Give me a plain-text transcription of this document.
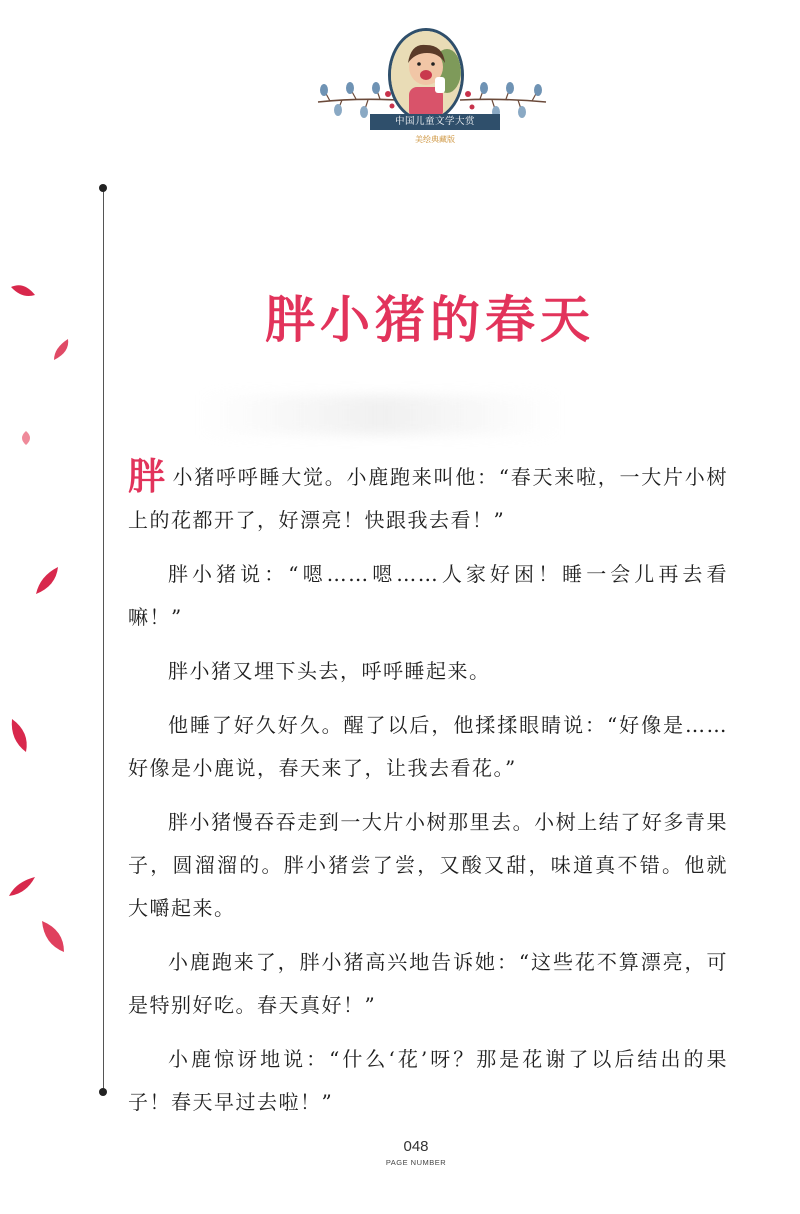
中国儿童文学大赏
美绘典藏版
胖小猪的春天

胖小猪呼呼睡大觉。小鹿跑来叫他：“春天来啦，一大片小树上的花都开了，好漂亮！快跟我去看！”

胖小猪说：“嗯……嗯……人家好困！睡一会儿再去看嘛！”

胖小猪又埋下头去，呼呼睡起来。

他睡了好久好久。醒了以后，他揉揉眼睛说：“好像是……好像是小鹿说，春天来了，让我去看花。”

胖小猪慢吞吞走到一大片小树那里去。小树上结了好多青果子，圆溜溜的。胖小猪尝了尝，又酸又甜，味道真不错。他就大嚼起来。

小鹿跑来了，胖小猪高兴地告诉她：“这些花不算漂亮，可是特别好吃。春天真好！”

小鹿惊讶地说：“什么‘花’呀？那是花谢了以后结出的果子！春天早过去啦！”

048
PAGE NUMBER
